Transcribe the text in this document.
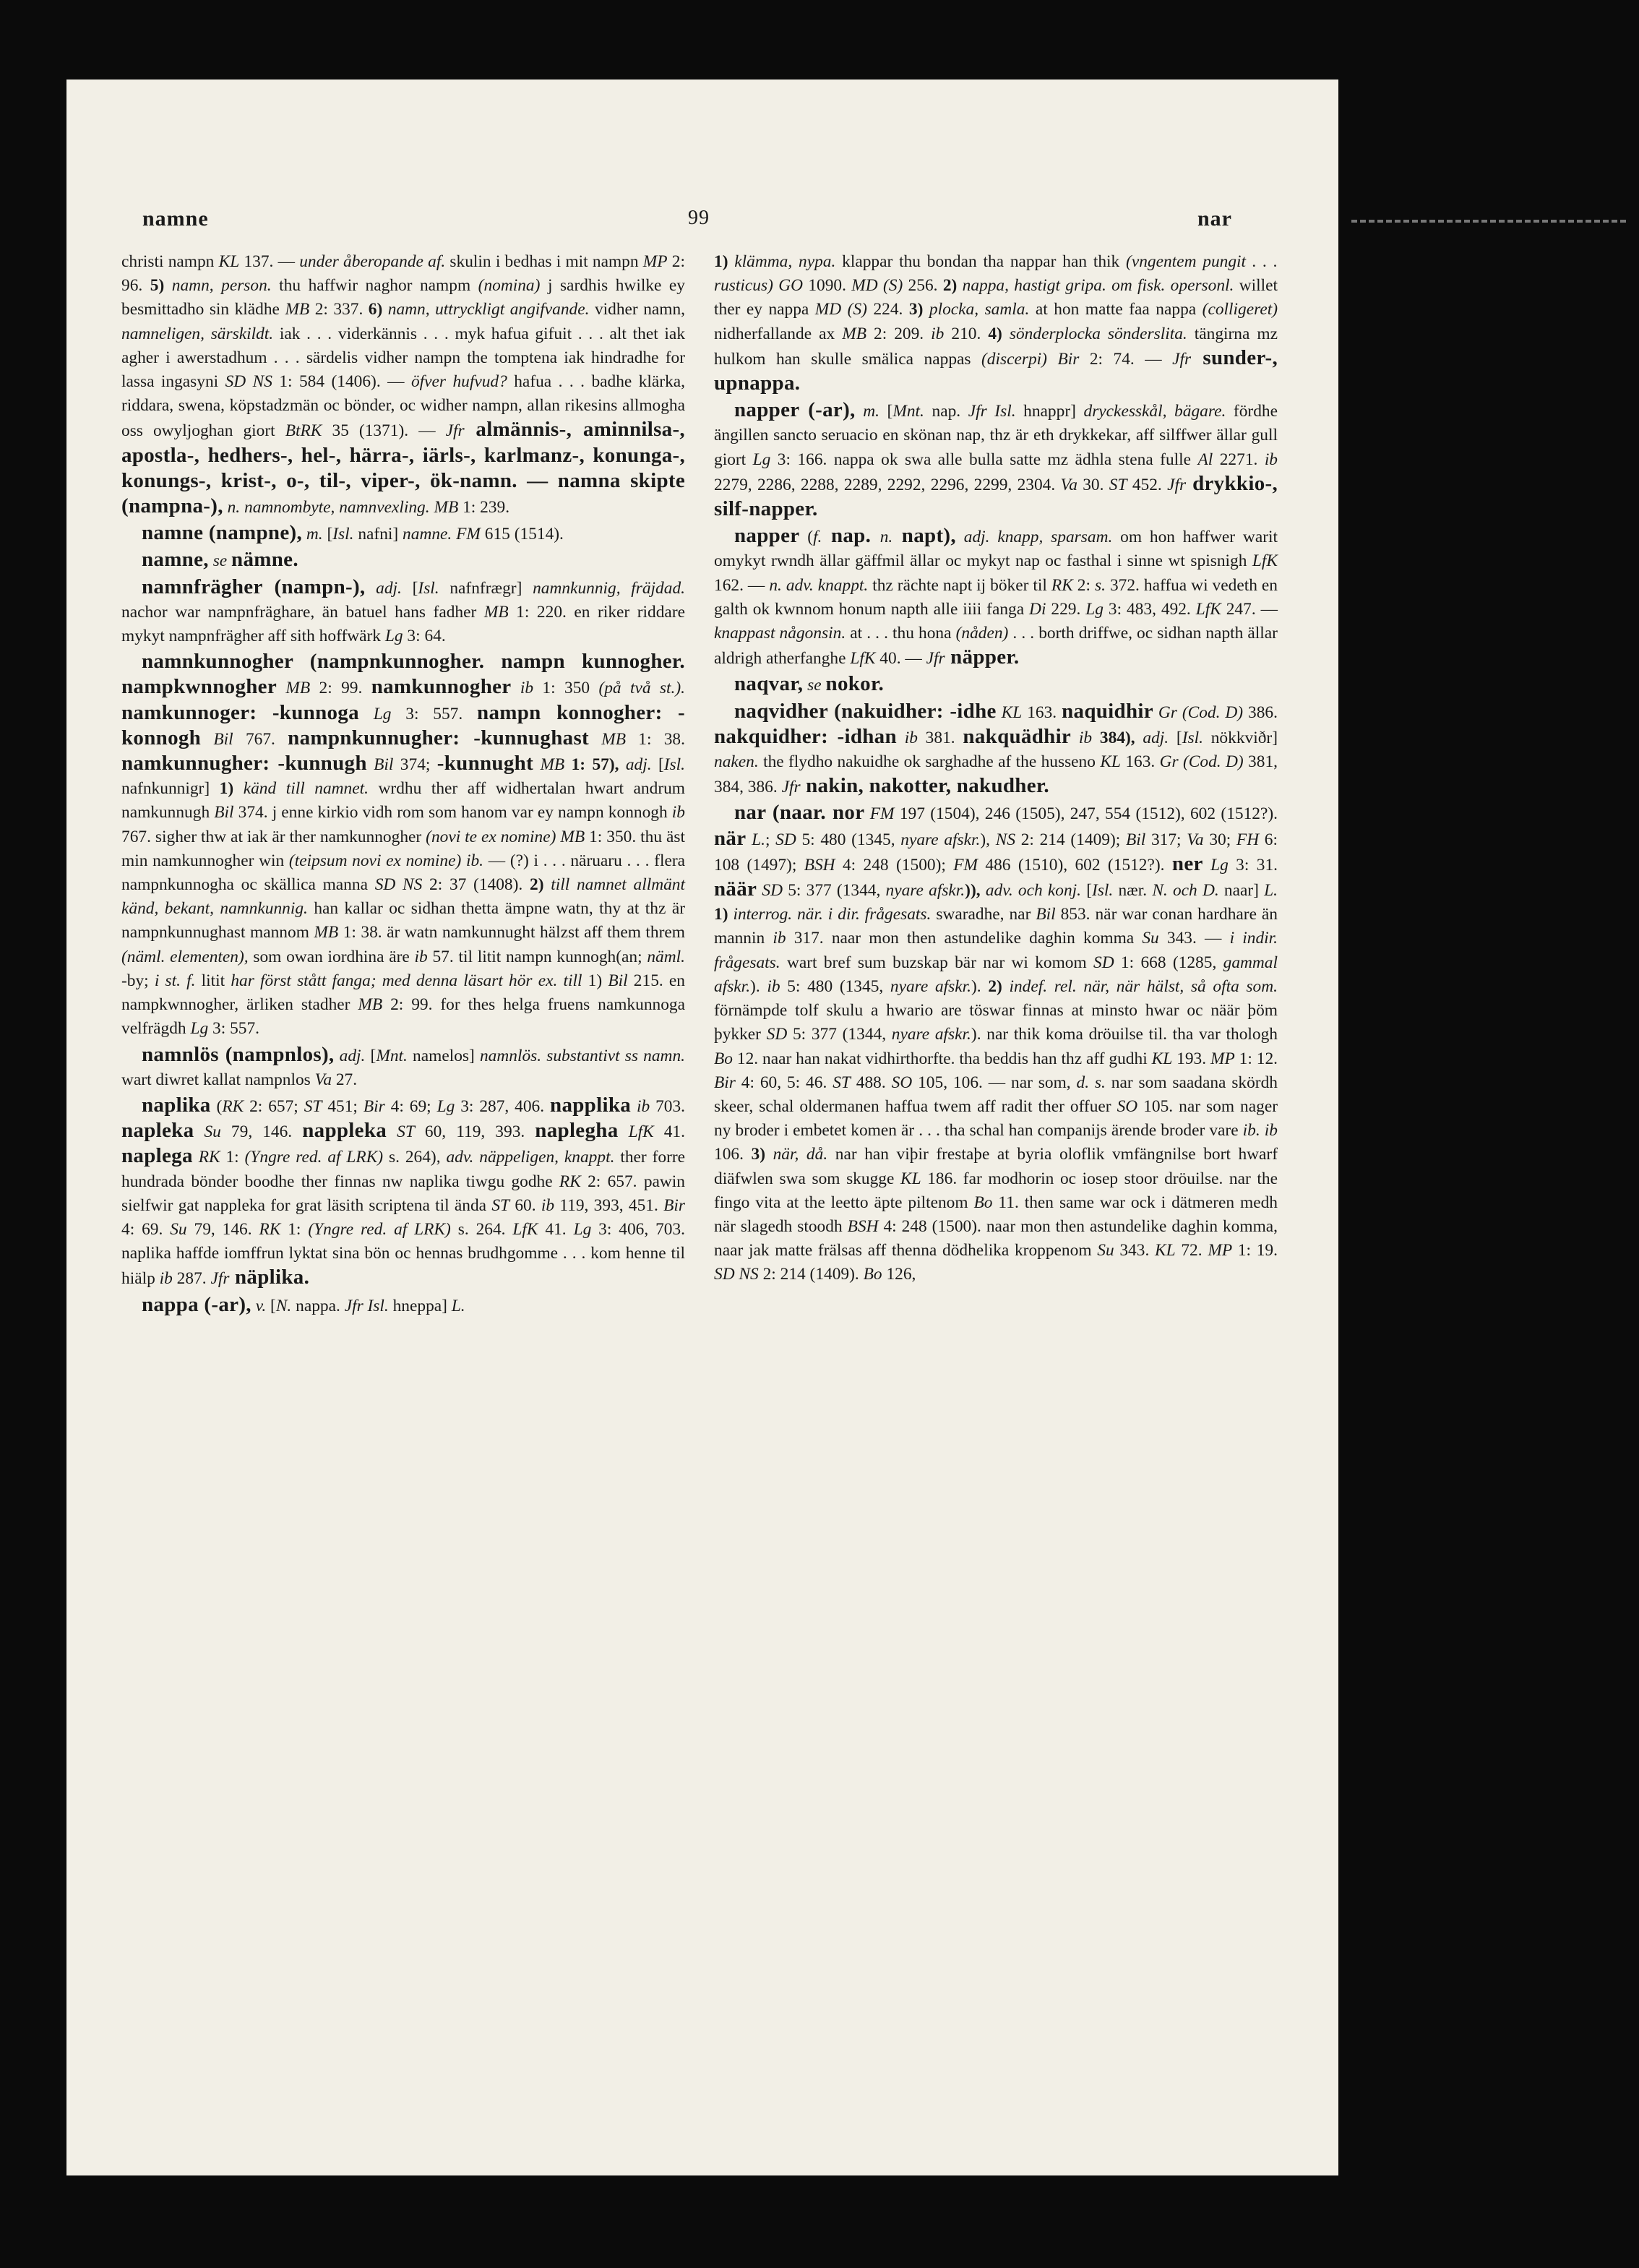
namne	99	nar

christi nampn KL 137. — under åberopande af. skulin i bedhas i mit nampn MP 2: 96. 5) namn, person. thu haffwir naghor nampm (nomina) j sardhis hwilke ey besmittadho sin klädhe MB 2: 337. 6) namn, uttryckligt angifvande. vidher namn, namneligen, särskildt. iak . . . viderkännis . . . myk hafua gifuit . . . alt thet iak agher i awerstadhum . . . särdelis vidher nampn the tomptena iak hindradhe for lassa ingasyni SD NS 1: 584 (1406). — öfver hufvud? hafua . . . badhe klärka, riddara, swena, köpstadzmän oc bönder, oc widher nampn, allan rikesins allmogha oss owyljoghan giort BtRK 35 (1371). — Jfr almännis-, aminnilsa-, apostla-, hedhers-, hel-, härra-, iärls-, karlmanz-, konunga-, konungs-, krist-, o-, til-, viper-, ök-namn. — namna skipte (nampna-), n. namnombyte, namnvexling. MB 1: 239.

namne (nampne), m. [Isl. nafni] namne. FM 615 (1514).

namne, se nämne.

namnfrägher (nampn-), adj. [Isl. nafnfrægr] namnkunnig, fräjdad. nachor war nampnfräghare, än batuel hans fadher MB 1: 220. en riker riddare mykyt nampnfrägher aff sith hoffwärk Lg 3: 64.

namnkunnogher (nampnkunnogher. nampn kunnogher. nampkwnnogher MB 2: 99. namkunnogher ib 1: 350 (på två st.). namkunnoger: -kunnoga Lg 3: 557. nampn konnogher: -konnogh Bil 767. nampnkunnugher: -kunnughast MB 1: 38. namkunnugher: -kunnugh Bil 374; -kunnught MB 1: 57), adj. [Isl. nafnkunnigr] 1) känd till namnet. wrdhu ther aff widhertalan hwart andrum namkunnugh Bil 374. j enne kirkio vidh rom som hanom var ey nampn konnogh ib 767. sigher thw at iak är ther namkunnogher (novi te ex nomine) MB 1: 350. thu äst min namkunnogher win (teipsum novi ex nomine) ib. — (?) i . . . näruaru . . . flera nampnkunnogha oc skällica manna SD NS 2: 37 (1408). 2) till namnet allmänt känd, bekant, namnkunnig. han kallar oc sidhan thetta ämpne watn, thy at thz är nampnkunnughast mannom MB 1: 38. är watn namkunnught hälzst aff them threm (näml. elementen), som owan iordhina äre ib 57. til litit nampn kunnogh(an; näml. -by; i st. f. litit har först stått fanga; med denna läsart hör ex. till 1) Bil 215. en nampkwnnogher, ärliken stadher MB 2: 99. for thes helga fruens namkunnoga velfrägdh Lg 3: 557.

namnlös (nampnlos), adj. [Mnt. namelos] namnlös. substantivt ss namn. wart diwret kallat nampnlos Va 27.

naplika (RK 2: 657; ST 451; Bir 4: 69; Lg 3: 287, 406. napplika ib 703. napleka Su 79, 146. nappleka ST 60, 119, 393. naplegha LfK 41. naplega RK 1: (Yngre red. af LRK) s. 264), adv. näppeligen, knappt. ther forre hundrada bönder boodhe ther finnas nw naplika tiwgu godhe RK 2: 657. pawin sielfwir gat nappleka for grat läsith scriptena til ända ST 60. ib 119, 393, 451. Bir 4: 69. Su 79, 146. RK 1: (Yngre red. af LRK) s. 264. LfK 41. Lg 3: 406, 703. naplika haffde iomffrun lyktat sina bön oc hennas brudhgomme . . . kom henne til hiälp ib 287. Jfr näplika.

nappa (-ar), v. [N. nappa. Jfr Isl. hneppa] L.

1) klämma, nypa. klappar thu bondan tha nappar han thik (vngentem pungit . . . rusticus) GO 1090. MD (S) 256. 2) nappa, hastigt gripa. om fisk. opersonl. willet ther ey nappa MD (S) 224. 3) plocka, samla. at hon matte faa nappa (colligeret) nidherfallande ax MB 2: 209. ib 210. 4) sönderplocka sönderslita. tängirna mz hulkom han skulle smälica nappas (discerpi) Bir 2: 74. — Jfr sunder-, upnappa.

napper (-ar), m. [Mnt. nap. Jfr Isl. hnappr] dryckesskål, bägare. fördhe ängillen sancto seruacio en skönan nap, thz är eth drykkekar, aff silffwer ällar gull giort Lg 3: 166. nappa ok swa alle bulla satte mz ädhla stena fulle Al 2271. ib 2279, 2286, 2288, 2289, 2292, 2296, 2299, 2304. Va 30. ST 452. Jfr drykkio-, silf-napper.

napper (f. nap. n. napt), adj. knapp, sparsam. om hon haffwer warit omykyt rwndh ällar gäffmil ällar oc mykyt nap oc fasthal i sinne wt spisnigh LfK 162. — n. adv. knappt. thz rächte napt ij böker til RK 2: s. 372. haffua wi vedeth en galth ok kwnnom honum napth alle iiii fanga Di 229. Lg 3: 483, 492. LfK 247. — knappast någonsin. at . . . thu hona (nåden) . . . borth driffwe, oc sidhan napth ällar aldrigh atherfanghe LfK 40. — Jfr näpper.

naqvar, se nokor.

naqvidher (nakuidher: -idhe KL 163. naquidhir Gr (Cod. D) 386. nakquidher: -idhan ib 381. nakquädhir ib 384), adj. [Isl. nökkviðr] naken. the flydho nakuidhe ok sarghadhe af the husseno KL 163. Gr (Cod. D) 381, 384, 386. Jfr nakin, nakotter, nakudher.

nar (naar. nor FM 197 (1504), 246 (1505), 247, 554 (1512), 602 (1512?). när L.; SD 5: 480 (1345, nyare afskr.), NS 2: 214 (1409); Bil 317; Va 30; FH 6: 108 (1497); BSH 4: 248 (1500); FM 486 (1510), 602 (1512?). ner Lg 3: 31. näär SD 5: 377 (1344, nyare afskr.)), adv. och konj. [Isl. nær. N. och D. naar] L. 1) interrog. när. i dir. frågesats. swaradhe, nar Bil 853. när war conan hardhare än mannin ib 317. naar mon then astundelike daghin komma Su 343. — i indir. frågesats. wart bref sum buzskap bär nar wi komom SD 1: 668 (1285, gammal afskr.). ib 5: 480 (1345, nyare afskr.). 2) indef. rel. när, när hälst, så ofta som. förnämpde tolf skulu a hwario are töswar finnas at minsto hwar oc näär þöm þykker SD 5: 377 (1344, nyare afskr.). nar thik koma dröuilse til. tha var thologh Bo 12. naar han nakat vidhirthorfte. tha beddis han thz aff gudhi KL 193. MP 1: 12. Bir 4: 60, 5: 46. ST 488. SO 105, 106. — nar som, d. s. nar som saadana skördh skeer, schal oldermanen haffua twem aff radit ther offuer SO 105. nar som nager ny broder i embetet komen är . . . tha schal han companijs ärende broder vare ib. ib 106. 3) när, då. nar han viþir frestaþe at byria oloflik vmfängnilse bort hwarf diäfwlen swa som skugge KL 186. far modhorin oc iosep stoor dröuilse. nar the fingo vita at the leetto äpte piltenom Bo 11. then same war ock i dätmeren medh när slagedh stoodh BSH 4: 248 (1500). naar mon then astundelike daghin komma, naar jak matte frälsas aff thenna dödhelika kroppenom Su 343. KL 72. MP 1: 19. SD NS 2: 214 (1409). Bo 126,
